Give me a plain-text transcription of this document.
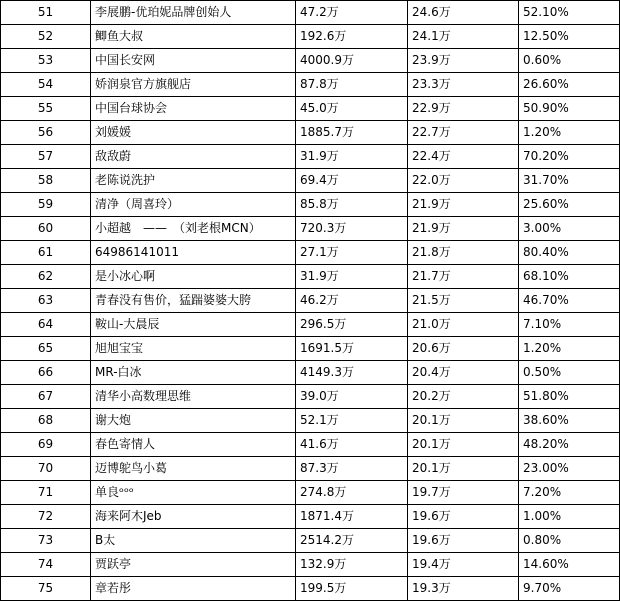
51	李展鹏-优珀妮品牌创始人	47.2万	24.6万	52.10%
52	鲫鱼大叔	192.6万	24.1万	12.50%
53	中国长安网	4000.9万	23.9万	0.60%
54	娇润泉官方旗舰店	87.8万	23.3万	26.60%
55	中国台球协会	45.0万	22.9万	50.90%
56	刘媛媛	1885.7万	22.7万	1.20%
57	敌敌蔚	31.9万	22.4万	70.20%
58	老陈说洗护	69.4万	22.0万	31.70%
59	清净（周喜玲）	85.8万	21.9万	25.60%
60	小超越　——　（刘老根MCN）	720.3万	21.9万	3.00%
61	64986141011	27.1万	21.8万	80.40%
62	是小冰心啊	31.9万	21.7万	68.10%
63	青春没有售价，猛踹婆婆大胯	46.2万	21.5万	46.70%
64	鞍山-大晨辰	296.5万	21.0万	7.10%
65	旭旭宝宝	1691.5万	20.6万	1.20%
66	MR-白冰	4149.3万	20.4万	0.50%
67	清华小高数理思维	39.0万	20.2万	51.80%
68	谢大炮	52.1万	20.1万	38.60%
69	春色寄情人	41.6万	20.1万	48.20%
70	迈博鸵鸟小葛	87.3万	20.1万	23.00%
71	单良ᵒᵒᵒ	274.8万	19.7万	7.20%
72	海来阿木Jeb	1871.4万	19.6万	1.00%
73	B太	2514.2万	19.6万	0.80%
74	贾跃亭	132.9万	19.4万	14.60%
75	章若彤	199.5万	19.3万	9.70%
